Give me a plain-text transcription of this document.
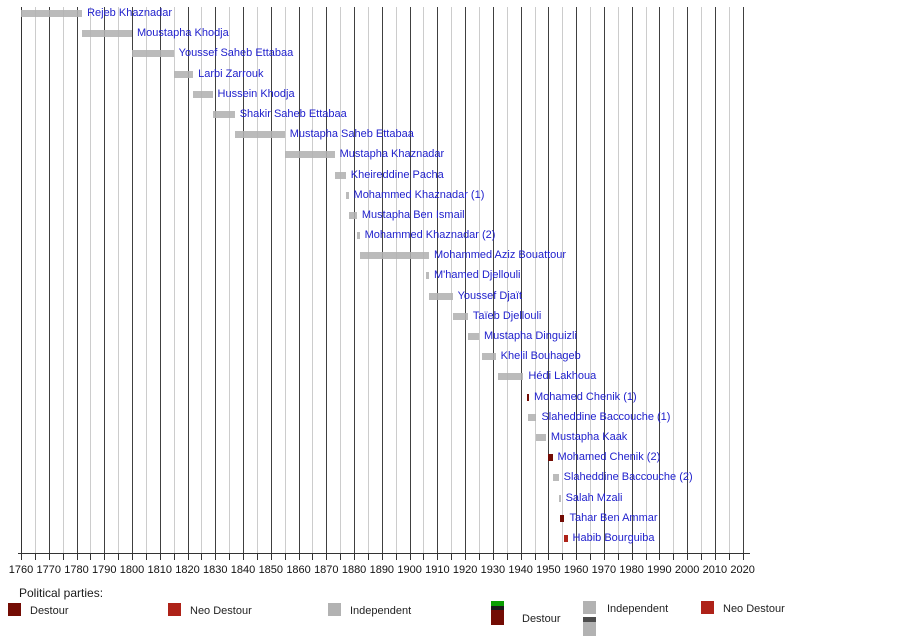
1760 1770 1780 1790 1800 1810 1820 1830 1840 1850 1860 1870 1880 1890 1900 1910 1920 1930 1940 1950 1960 1970 1980 1990 2000 2010 2020
Rejeb Khaznadar
Moustapha Khodja
Youssef Saheb Ettabaa
Larbi Zarrouk
Hussein Khodja
Shakir Saheb Ettabaa
Mustapha Saheb Ettabaa
Mustapha Khaznadar
Kheireddine Pacha
Mohammed Khaznadar (1)
Mustapha Ben Ismail
Mohammed Khaznadar (2)
Mohammed Aziz Bouattour
M'hamed Djellouli
Youssef Djaït
Taïeb Djellouli
Mustapha Dinguizli
Khelil Bouhageb
Hédi Lakhoua
Mohamed Chenik (1)
Slaheddine Baccouche (1)
Mustapha Kaak
Mohamed Chenik (2)
Slaheddine Baccouche (2)
Salah Mzali
Tahar Ben Ammar
Habib Bourguiba
Political parties:
Destour	Neo Destour	Independent
Destour
Independent	Neo Destour
